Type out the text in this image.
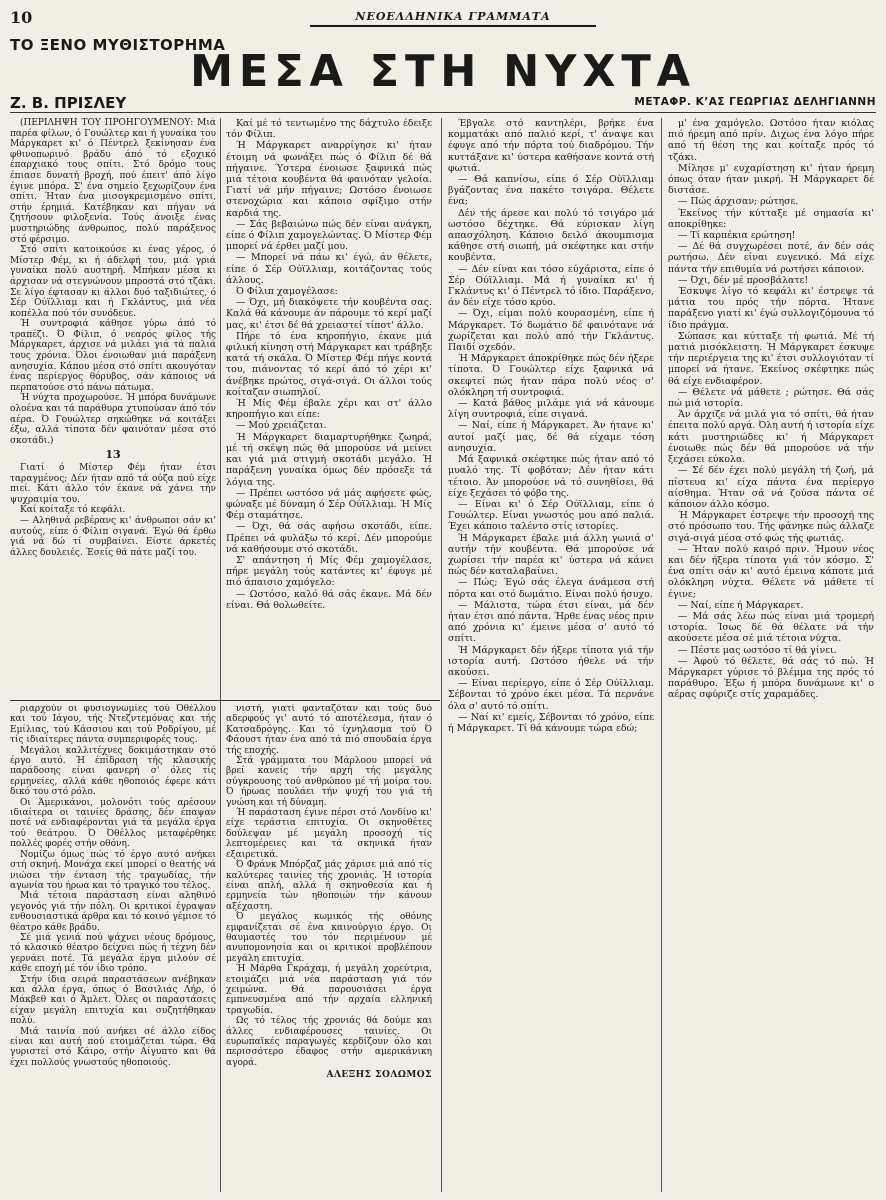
10	ΝΕΟΕΛΛΗΝΙΚΑ ΓΡΑΜΜΑΤΑ
ΤΟ ΞΕΝΟ ΜΥΘΙΣΤΟΡΗΜΑ
ΜΕΣΑ ΣΤΗ ΝΥΧΤΑ
Ζ. Β. ΠΡΙΣΛΕΥ	ΜΕΤΑΦΡ. Κ’ΑΣ ΓΕΩΡΓΙΑΣ ΔΕΛΗΓΙΑΝΝΗ

(ΠΕΡΙΛΗΨΗ ΤΟΥ ΠΡΟΗΓΟΥΜΕΝΟΥ: Μιά παρέα φίλων, ό Γουώλτερ και ή γυναίκα του Μάργκαρετ κι' ό Πέντρελ ξεκίνησαν ένα φθινοπωρινό βράδυ άπό τό εξοχικό έπαρχιακό τους σπίτι. Στό δρόμο τους έπιασε δυνατή βροχή, πού έπειτ' άπό λίγο έγινε μπόρα. Σ' ένα σημείο ξεχωρίζουν ένα σπίτι. Ήταν ένα μισογκρεμισμένο σπίτι, στήν έρημιά. Κατέβηκαν και πήγαν νά ζητήσουν φιλοξενία. Τούς άνοιξε ένας μυστηριώδης άνθρωπος, πολύ παράξενος στό φέρσιμο.

Στό σπίτι κατοικούσε κι ένας γέρος, ό Μίστερ Φέμ, κι ή άδελφή του, μιά γριά γυναίκα πολύ αυστηρή. Μπήκαν μέσα κι άρχισαν νά στεγνώνουν μπροστά στό τζάκι. Σε λίγο έφτασαν κι άλλοι δυό ταξιδιώτες, ό Σέρ Ούϊλλιαμ και ή Γκλάντυς, μιά νέα κοπέλλα πού τόν συνόδευε.

Ή συντροφιά κάθησε γύρω άπό τό τραπέζι. Ό Φίλιπ, ό νεαρός φίλος τής Μάργκαρετ, άρχισε νά μιλάει γιά τά παλιά τους χρόνια. Όλοι ένοιωθαν μιά παράξενη ανησυχία. Κάπου μέσα στό σπίτι ακουγόταν ένας περίεργος θόρυβος, σάν κάποιος νά περπατούσε στό πάνω πάτωμα.

Ή νύχτα προχωρούσε. Ή μπόρα δυνάμωνε ολοένα και τά παράθυρα χτυπούσαν άπό τόν αέρα. Ό Γουώλτερ σηκώθηκε νά κοιτάξει έξω, αλλά τίποτα δέν φαινόταν μέσα στό σκοτάδι.)

13

Γιατί ό Μίστερ Φέμ ήταν έτσι ταραγμένος; Δέν ήταν από τά ούζα πού είχε πιεί. Κάτι άλλο τόν έκανε νά χάνει τήν ψυχραιμία του.

Καί κοίταξε τό κεφάλι.

— Αληθινά ρεβέρανς κι' άνθρωποι σάν κι' αυτούς, είπε ό Φίλιπ σιγανά. Έγώ θά έρθω γιά νά δώ τί συμβαίνει. Είστε άρκετές άλλες δουλειές. Έσείς θά πάτε μαζί του.

Καί μέ τό τεντωμένο της δάχτυλο έδειξε τόν Φίλιπ.

Ή Μάργκαρετ αναρρίγησε κι' ήταν έτοιμη νά φωνάξει πώς ό Φίλιπ δέ θά πήγαινε. Ύστερα ένοιωσε ξαφνικά πώς μιά τέτοια κουβέντα θά φαινόταν γελοία. Γιατί νά μήν πήγαινε; Ωστόσο ένοιωσε στενοχώρια και κάποιο σφίξιμο στήν καρδιά της.

— Σάς βεβαιώνω πώς δέν είναι ανάγκη, είπε ό Φίλιπ χαμογελώντας. Ό Μίστερ Φέμ μπορεί νά έρθει μαζί μου.

— Μπορεί νά πάω κι' έγώ, άν θέλετε, είπε ό Σέρ Ούϊλλιαμ, κοιτάζοντας τούς άλλους.

Ό Φίλιπ χαμογέλασε:

— Όχι, μή διακόψετε τήν κουβέντα σας. Καλά θά κάνουμε άν πάρουμε τό κερί μαζί μας, κι' έτσι δέ θά χρειαστεί τίποτ' άλλο.

Πήρε τό ένα κηροπήγιο, έκανε μιά φιλική κίνηση στή Μάργκαρετ και τράβηξε κατά τή σκάλα. Ό Μίστερ Φέμ πήγε κοντά του, πιάνοντας τό κερί άπό τό χέρι κι' άνέβηκε πρώτος, σιγά-σιγά. Οι άλλοι τούς κοίταζαν σιωπηλοί.

Ή Μίς Φέμ έβαλε χέρι και στ' άλλο κηροπήγιο και είπε:

— Μού χρειάζεται.

Ή Μάργκαρετ διαμαρτυρήθηκε ζωηρά, μέ τή σκέψη πώς θά μπορούσε νά μείνει και γιά μιά στιγμή σκοτάδι μεγάλο. Ή παράξενη γυναίκα όμως δέν πρόσεξε τά λόγια της.

— Πρέπει ωστόσο νά μάς αφήσετε φώς, φώναξε μέ δύναμη ό Σέρ Ούϊλλιαμ. Ή Μίς Φέμ σταμάτησε.

— Όχι, θά σάς αφήσω σκοτάδι, είπε. Πρέπει νά φυλάξω τό κερί. Δέν μπορούμε νά καθήσουμε στό σκοτάδι.

Σ' απάντηση ή Μίς Φέμ χαμογέλασε, πήρε μεγάλη τούς κατάντες κι' έφυγε μέ πιό άπαισιο χαμόγελο:

— Ωστόσο, καλό θά σάς έκανε. Μά δέν είναι. Θά θολωθείτε.

ριαρχούν οι φυσιογνωμίες τού Όθέλλου και τού Ιάγου, τής Ντεζντεμόνας και τής Εμίλιας, τού Κάσσιου και τού Ροδρίγου, μέ τίς ιδιαίτερες πάντα συμπεριφορές τους.

Μεγάλοι καλλιτέχνες δοκιμάστηκαν στό έργο αυτό. Ή έπίδραση τής κλασικής παράδοσης είναι φανερή σ' όλες τίς ερμηνείες, αλλά κάθε ηθοποιός έφερε κάτι δικό του στό ρόλο.

Οι Άμερικάνοι, μολονότι τούς αρέσουν ιδιαίτερα οι ταινίες δράσης, δέν έπαψαν ποτέ νά ενδιαφέρονται γιά τά μεγάλα έργα τού θεάτρου. Ό Όθέλλος μεταφέρθηκε πολλές φορές στήν οθόνη.

Νομίζω όμως πώς τό έργο αυτό ανήκει στή σκηνή. Μονάχα εκεί μπορεί ο θεατής νά νιώσει τήν ένταση τής τραγωδίας, τήν αγωνία του ήρωα και τό τραγικό του τέλος.

Μιά τέτοια παράσταση είναι αληθινό γεγονός γιά τήν πόλη. Οι κριτικοί έγραψαν ενθουσιαστικά άρθρα και τό κοινό γέμισε τό θέατρο κάθε βράδυ.

Σέ μιά γενιά πού ψάχνει νέους δρόμους, τό κλασικό θέατρο δείχνει πώς ή τέχνη δέν γερνάει ποτέ. Τά μεγάλα έργα μιλούν σέ κάθε εποχή μέ τόν ίδιο τρόπο.

Στήν ίδια σειρά παραστάσεων ανέβηκαν και άλλα έργα, όπως ό Βασιλιάς Λήρ, ό Μάκβεθ και ό Άμλετ. Όλες οι παραστάσεις είχαν μεγάλη επιτυχία και συζητήθηκαν πολύ.

Μιά ταινία πού ανήκει σέ άλλο είδος είναι και αυτή πού ετοιμάζεται τώρα. Θά γυριστεί στό Κάιρο, στήν Αίγυπτο και θά έχει πολλούς γνωστούς ηθοποιούς.

νιστή, γιατί φανταζόταν και τούς δυό αδερφούς γι' αυτό τό αποτέλεσμα, ήταν ό Κατσαδρόγης. Και τό ίχνηλασμα τού Ό Φάουστ ήταν ένα από τά πιό σπουδαία έργα τής εποχής.

Στά γράμματα του Μάρλοου μπορεί νά βρεί κανείς τήν αρχή τής μεγάλης σύγκρουσης τού ανθρώπου μέ τή μοίρα του. Ό ήρωας πουλάει τήν ψυχή του γιά τή γνώση και τή δύναμη.

Ή παράσταση έγινε πέρσι στό Λονδίνο κι' είχε τεράστια επιτυχία. Οι σκηνοθέτες δούλεψαν μέ μεγάλη προσοχή τίς λεπτομέρειες και τά σκηνικά ήταν εξαιρετικά.

Ό Φράνκ Μπόρζαζ μάς χάρισε μιά από τίς καλύτερες ταινίες τής χρονιάς. Ή ιστορία είναι απλή, αλλά ή σκηνοθεσία και ή ερμηνεία τών ηθοποιών τήν κάνουν αξέχαστη.

Ό μεγάλος κωμικός τής οθόνης εμφανίζεται σέ ένα καινούργιο έργο. Οι θαυμαστές του τόν περιμένουν μέ ανυπομονησία και οι κριτικοί προβλέπουν μεγάλη επιτυχία.

Ή Μάρθα Γκράχαμ, ή μεγάλη χορεύτρια, ετοιμάζει μιά νέα παράσταση γιά τόν χειμώνα. Θά παρουσιάσει έργα εμπνευσμένα από τήν αρχαία ελληνική τραγωδία.

Ως τό τέλος τής χρονιάς θά δούμε και άλλες ενδιαφέρουσες ταινίες. Οι ευρωπαϊκές παραγωγές κερδίζουν όλο και περισσότερο έδαφος στήν αμερικάνικη αγορά.

ΑΛΕΞΗΣ ΣΟΛΩΜΟΣ

Έβγαλε στό καντηλέρι, βρήκε ένα κομματάκι από παλιό κερί, τ' άναψε και έφυγε από τήν πόρτα τού διαδρόμου. Τήν κυττάξανε κι' ύστερα καθήσανε κοντά στή φωτιά.

— Θά καπνίσω, είπε ό Σέρ Ούϊλλιαμ βγάζοντας ένα πακέτο τσιγάρα. Θέλετε ένα;

Δέν τής άρεσε και πολύ τό τσιγάρο μά ωστόσο δέχτηκε. Θά εύρισκαν λίγη απασχόληση. Κάποιο δειλό άκουμπισμα κάθησε στή σιωπή, μά σκέφτηκε και στήν κουβέντα.

— Δέν είναι και τόσο εύχάριστα, είπε ό Σέρ Ούϊλλιαμ. Μά ή γυναίκα κι' ή Γκλάντυς κι' ό Πέντρελ τό ίδιο. Παράξενο, άν δέν είχε τόσο κρύο.

— Όχι, είμαι πολύ κουρασμένη, είπε ή Μάργκαρετ. Τό δωμάτιο δέ φαινότανε νά χωρίζεται και πολύ από τήν Γκλάντυς. Παιδί σχεδόν.

Ή Μάργκαρετ άποκρίθηκε πώς δέν ήξερε τίποτα. Ό Γουώλτερ είχε ξαφνικά νά σκεφτεί πώς ήταν πάρα πολύ νέος σ' ολόκληρη τή συντροφιά.

— Κατά βάθος μιλάμε γιά νά κάνουμε λίγη συντροφιά, είπε σιγανά.

— Ναί, είπε ή Μάργκαρετ. Άν ήτανε κι' αυτοί μαζί μας, δέ θά είχαμε τόση ανησυχία.

Μά ξαφνικά σκέφτηκε πώς ήταν από τό μυαλό της. Τί φοβόταν; Δέν ήταν κάτι τέτοιο. Άν μπορούσε νά τό συνηθίσει, θά είχε ξεχάσει τό φόβο της.

— Είναι κι' ό Σέρ Ούϊλλιαμ, είπε ό Γουώλτερ. Είναι γνωστός μου από παλιά. Έχει κάποιο ταλέντο στίς ιστορίες.

Ή Μάργκαρετ έβαλε μιά άλλη γωνιά σ' αυτήν τήν κουβέντα. Θά μπορούσε νά χωρίσει τήν παρέα κι' ύστερα νά κάνει πώς δέν καταλαβαίνει.

— Πώς; Έγώ σάς έλεγα άνάμεσα στή πόρτα και στό δωμάτιο. Είναι πολύ ήσυχο.

— Μάλιστα, τώρα έτσι είναι, μά δέν ήταν έτσι από πάντα. Ήρθε ένας νέος πριν από χρόνια κι' έμεινε μέσα σ' αυτό τό σπίτι.

Ή Μάργκαρετ δέν ήξερε τίποτα γιά τήν ιστορία αυτή. Ωστόσο ήθελε νά τήν ακούσει.

— Είναι περίεργο, είπε ό Σέρ Ούϊλλιαμ. Σέβονται τό χρόνο έκει μέσα. Τά περνάνε όλα σ' αυτό τό σπίτι.

— Ναί κι' εμείς, Σέβονται τό χρόνο, είπε ή Μάργκαρετ. Τί θά κάνουμε τώρα εδώ;

μ' ένα χαμόγελο. Ωστόσο ήταν κιόλας πιό ήρεμη από πρίν. Διχως ένα λόγο πήρε από τή θέση της και κοίταξε πρός τό τζάκι.

Μίλησε μ' ευχαρίστηση κι' ήταν ήρεμη όπως όταν ήταν μικρή. Ή Μάργκαρετ δέ διστάσε.

— Πώς άρχισαν; ρώτησε.

Έκείνος τήν κύτταξε μέ σημασία κι' αποκρίθηκε:

— Τί καρπέκια ερώτηση!

— Δέ θά συγχωρέσει ποτέ, άν δέν σάς ρωτήσω. Δέν είναι ευγενικό. Μά είχε πάντα τήν επιθυμία νά ρωτήσει κάποιον.

— Όχι, δέν μέ προσβάλατε!

Έσκυψε λίγο τό κεφάλι κι' έστρεψε τά μάτια του πρός τήν πόρτα. Ήτανε παράξενο γιατί κι' έγώ συλλογιζόμουνα τό ίδιο πράγμα.

Σώπασε και κύτταξε τή φωτιά. Μέ τή ματιά μισόκλειστη. Ή Μάργκαρετ έσκυψε τήν περιέργεια της κι' έτσι συλλογιόταν τί μπορεί νά ήτανε. Έκείνος σκέφτηκε πώς θά είχε ενδιαφέρον.

— Θέλετε νά μάθετε ; ρώτησε. Θά σάς πώ μιά ιστορία.

Άν άρχιζε νά μιλά για τό σπίτι, θά ήταν έπειτα πολύ αργά. Όλη αυτή ή ιστορία είχε κάτι μυστηριώδες κι' ή Μάργκαρετ ένοιωθε πώς δέν θά μπορούσε νά τήν ξεχάσει εύκολα.

— Σέ δέν έχει πολύ μεγάλη τή ζωή, μά πίστευα κι' είχα πάντα ένα περίεργο αίσθημα. Ήταν σά νά ζούσα πάντα σέ κάποιον άλλο κόσμο.

Ή Μάργκαρετ έστρεψε τήν προσοχή της στό πρόσωπο του. Τής φάνηκε πώς άλλαζε σιγά-σιγά μέσα στό φώς τής φωτιάς.

— Ήταν πολύ καιρό πριν. Ήμουν νέος και δέν ήξερα τίποτα γιά τόν κόσμο. Σ' ένα σπίτι σάν κι' αυτό έμεινα κάποτε μιά ολόκληρη νύχτα. Θέλετε νά μάθετε τί έγινε;

— Ναί, είπε ή Μάργκαρετ.

— Μά σάς λέω πώς είναι μιά τρομερή ιστορία. Ίσως δέ θά θέλατε νά τήν ακούσετε μέσα σέ μιά τέτοια νύχτα.

— Πέστε μας ωστόσο τί θά γίνει.

— Άφού τό θέλετε, θά σάς τό πώ. Ή Μάργκαρετ γύρισε τό βλέμμα της πρός τό παράθυρο. Έξω ή μπόρα δυνάμωνε κι' ο αέρας σφύριζε στίς χαραμάδες.
